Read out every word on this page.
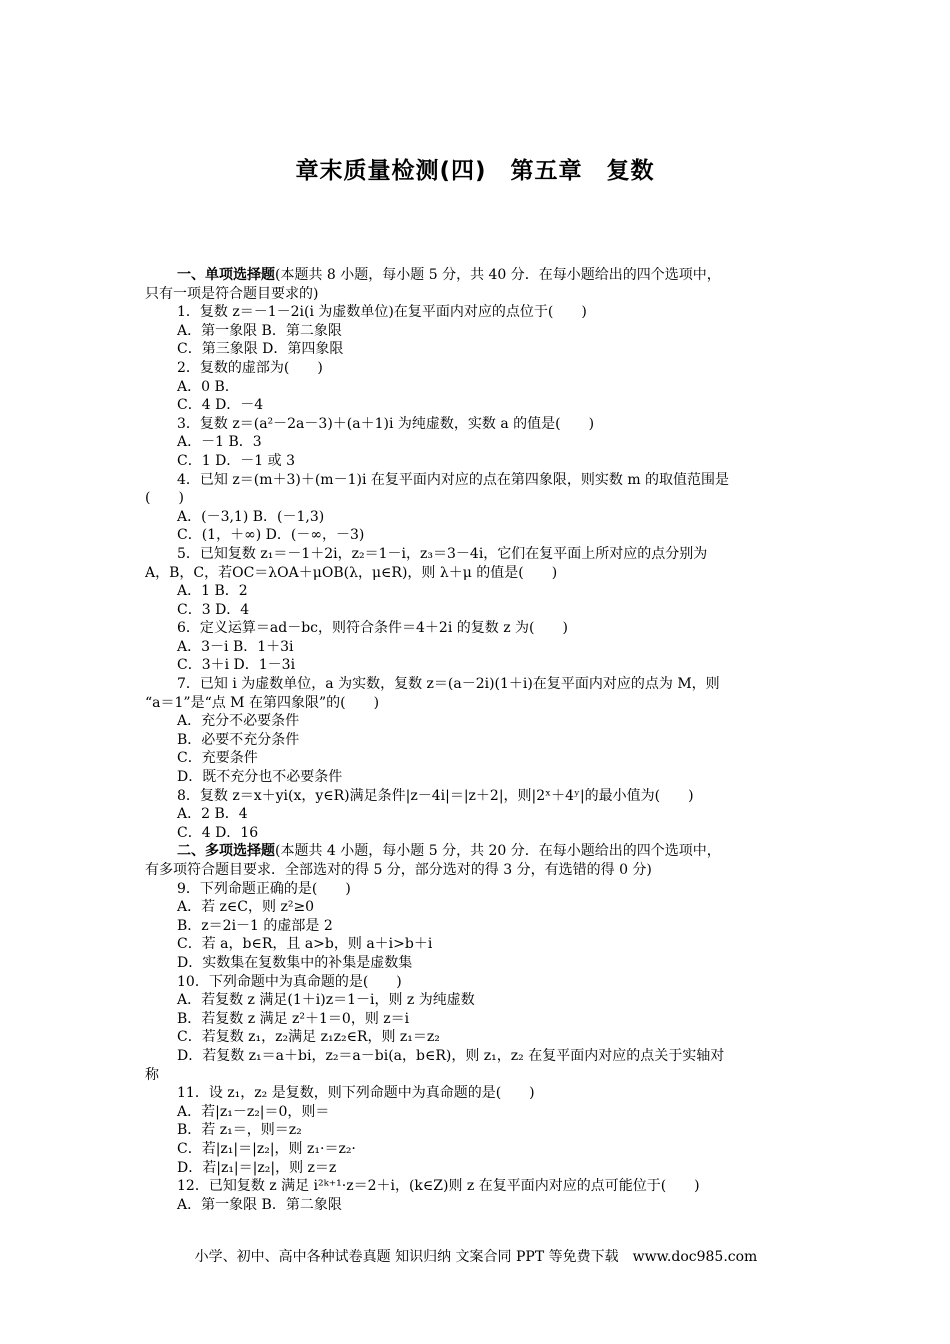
章末质量检测(四)　第五章　复数
一、单项选择题(本题共 8 小题，每小题 5 分，共 40 分．在每小题给出的四个选项中，
只有一项是符合题目要求的)
1．复数 z＝－1－2i(i 为虚数单位)在复平面内对应的点位于(　　)
A．第一象限 B．第二象限
C．第三象限 D．第四象限
2．复数的虚部为(　　)
A．0 B.
C．4 D．－4
3．复数 z＝(a²－2a－3)＋(a＋1)i 为纯虚数，实数 a 的值是(　　)
A．－1 B．3
C．1 D．－1 或 3
4．已知 z＝(m＋3)＋(m－1)i 在复平面内对应的点在第四象限，则实数 m 的取值范围是
(　　)
A．(－3,1) B．(－1,3)
C．(1，＋∞) D．(－∞，－3)
5．已知复数 z₁＝－1＋2i，z₂＝1－i，z₃＝3－4i，它们在复平面上所对应的点分别为
A，B，C，若OC＝λOA＋μOB(λ，μ∈R)，则 λ＋μ 的值是(　　)
A．1 B．2
C．3 D．4
6．定义运算＝ad－bc，则符合条件＝4＋2i 的复数 z 为(　　)
A．3－i B．1＋3i
C．3＋i D．1－3i
7．已知 i 为虚数单位，a 为实数，复数 z＝(a－2i)(1＋i)在复平面内对应的点为 M，则
“a＝1”是“点 M 在第四象限”的(　　)
A．充分不必要条件
B．必要不充分条件
C．充要条件
D．既不充分也不必要条件
8．复数 z＝x＋yi(x，y∈R)满足条件|z－4i|＝|z＋2|，则|2ˣ＋4ʸ|的最小值为(　　)
A．2 B．4
C．4 D．16
二、多项选择题(本题共 4 小题，每小题 5 分，共 20 分．在每小题给出的四个选项中，
有多项符合题目要求．全部选对的得 5 分，部分选对的得 3 分，有选错的得 0 分)
9．下列命题正确的是(　　)
A．若 z∈C，则 z²≥0
B．z＝2i－1 的虚部是 2
C．若 a，b∈R，且 a>b，则 a＋i>b＋i
D．实数集在复数集中的补集是虚数集
10．下列命题中为真命题的是(　　)
A．若复数 z 满足(1＋i)z＝1－i，则 z 为纯虚数
B．若复数 z 满足 z²＋1＝0，则 z＝i
C．若复数 z₁，z₂满足 z₁z₂∈R，则 z₁＝z₂
D．若复数 z₁＝a＋bi，z₂＝a－bi(a，b∈R)，则 z₁，z₂ 在复平面内对应的点关于实轴对
称
11．设 z₁，z₂ 是复数，则下列命题中为真命题的是(　　)
A．若|z₁－z₂|＝0，则＝
B．若 z₁＝，则＝z₂
C．若|z₁|＝|z₂|，则 z₁·＝z₂·
D．若|z₁|＝|z₂|，则 z＝z
12．已知复数 z 满足 i²ᵏ⁺¹·z＝2＋i，(k∈Z)则 z 在复平面内对应的点可能位于(　　)
A．第一象限 B．第二象限
小学、初中、高中各种试卷真题 知识归纳 文案合同 PPT 等免费下载　www.doc985.com
